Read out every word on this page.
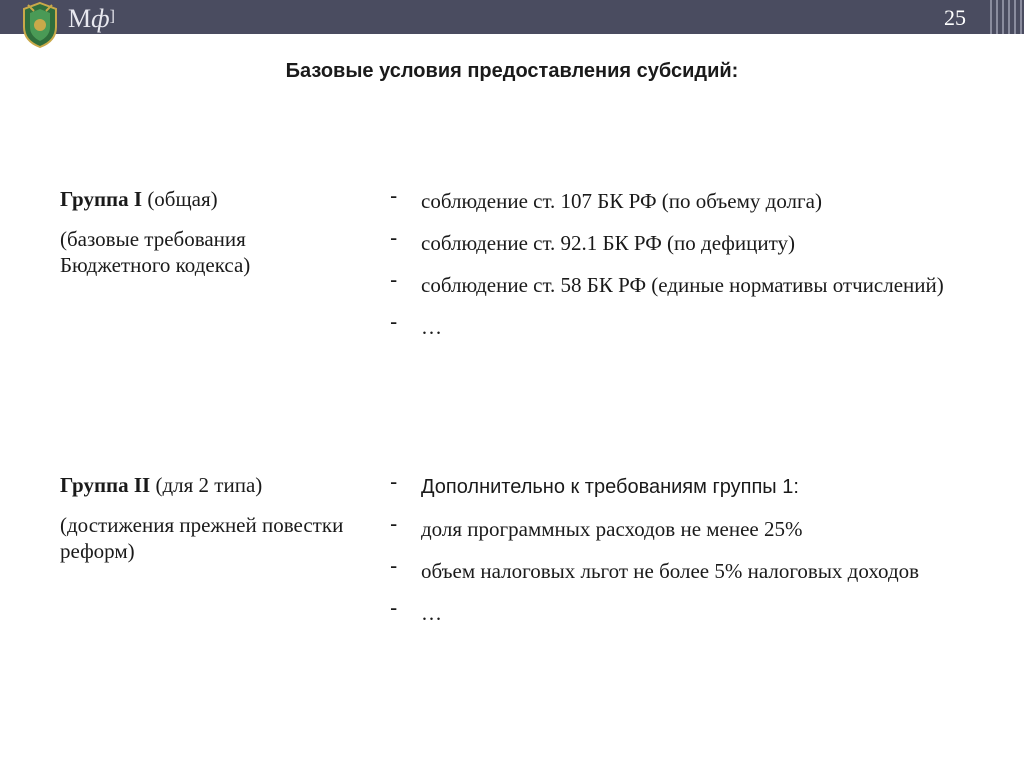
Мф]	25
Базовые условия предоставления субсидий:

Группа I (общая)

(базовые требования Бюджетного кодекса)

- соблюдение ст. 107 БК РФ (по объему долга)
- соблюдение ст. 92.1 БК РФ (по дефициту)
- соблюдение ст. 58 БК РФ (единые нормативы отчислений)
- …

Группа II (для 2 типа)

(достижения прежней повестки реформ)

- Дополнительно к требованиям группы 1:
- доля программных расходов не менее 25%
- объем налоговых льгот не более 5% налоговых доходов
- …
